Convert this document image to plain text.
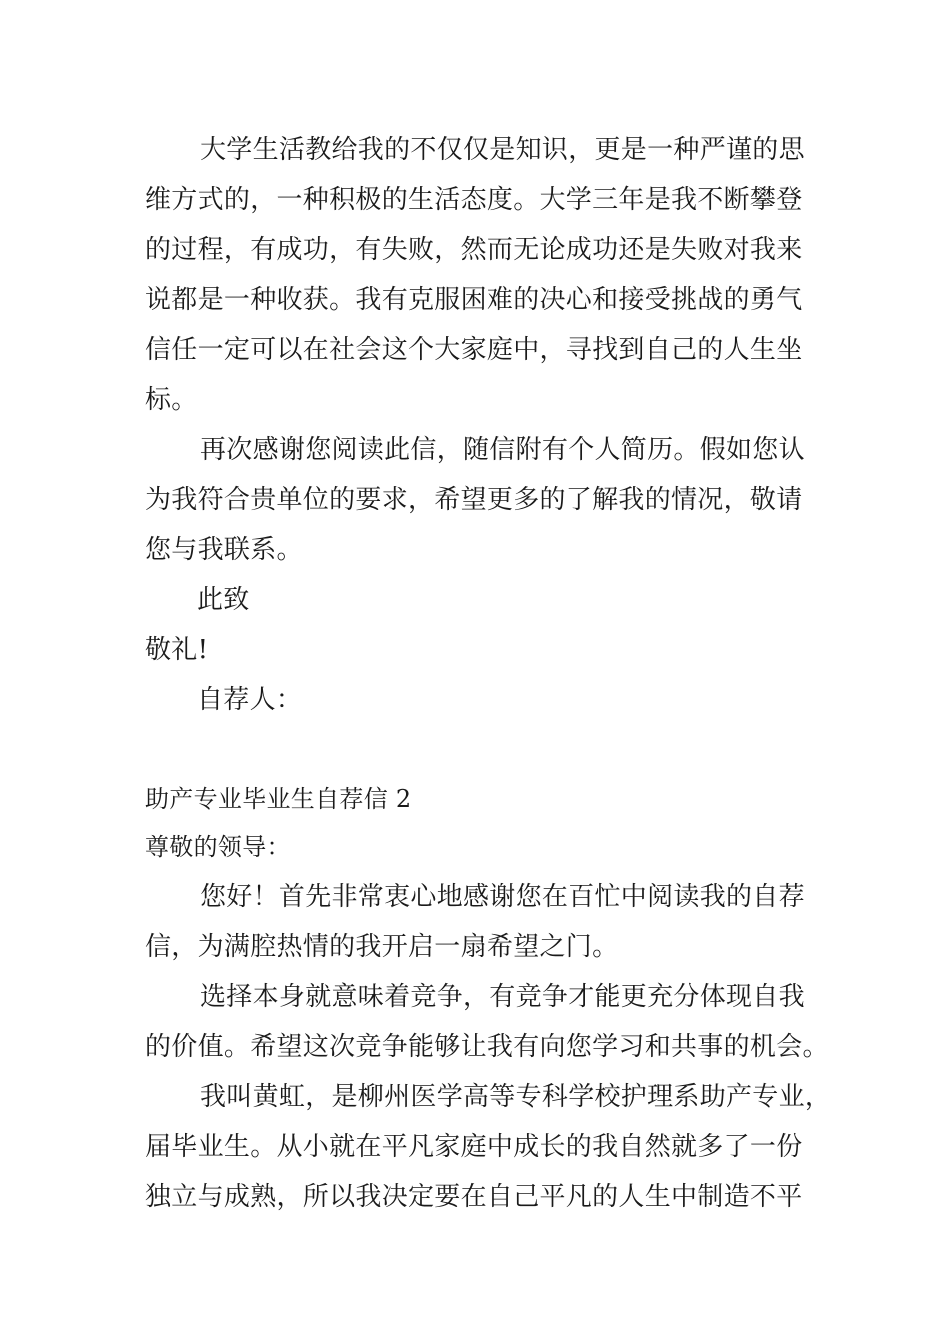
大学生活教给我的不仅仅是知识，更是一种严谨的思
维方式的，一种积极的生活态度。大学三年是我不断攀登
的过程，有成功，有失败，然而无论成功还是失败对我来
说都是一种收获。我有克服困难的决心和接受挑战的勇气
信任一定可以在社会这个大家庭中，寻找到自己的人生坐
标。
再次感谢您阅读此信，随信附有个人简历。假如您认
为我符合贵单位的要求，希望更多的了解我的情况，敬请
您与我联系。
此致
敬礼!
自荐人：
助产专业毕业生自荐信 2
尊敬的领导：
您好！首先非常衷心地感谢您在百忙中阅读我的自荐
信，为满腔热情的我开启一扇希望之门。
选择本身就意味着竞争，有竞争才能更充分体现自我
的价值。希望这次竞争能够让我有向您学习和共事的机会。
我叫黄虹，是柳州医学高等专科学校护理系助产专业，
届毕业生。从小就在平凡家庭中成长的我自然就多了一份
独立与成熟，所以我决定要在自己平凡的人生中制造不平
